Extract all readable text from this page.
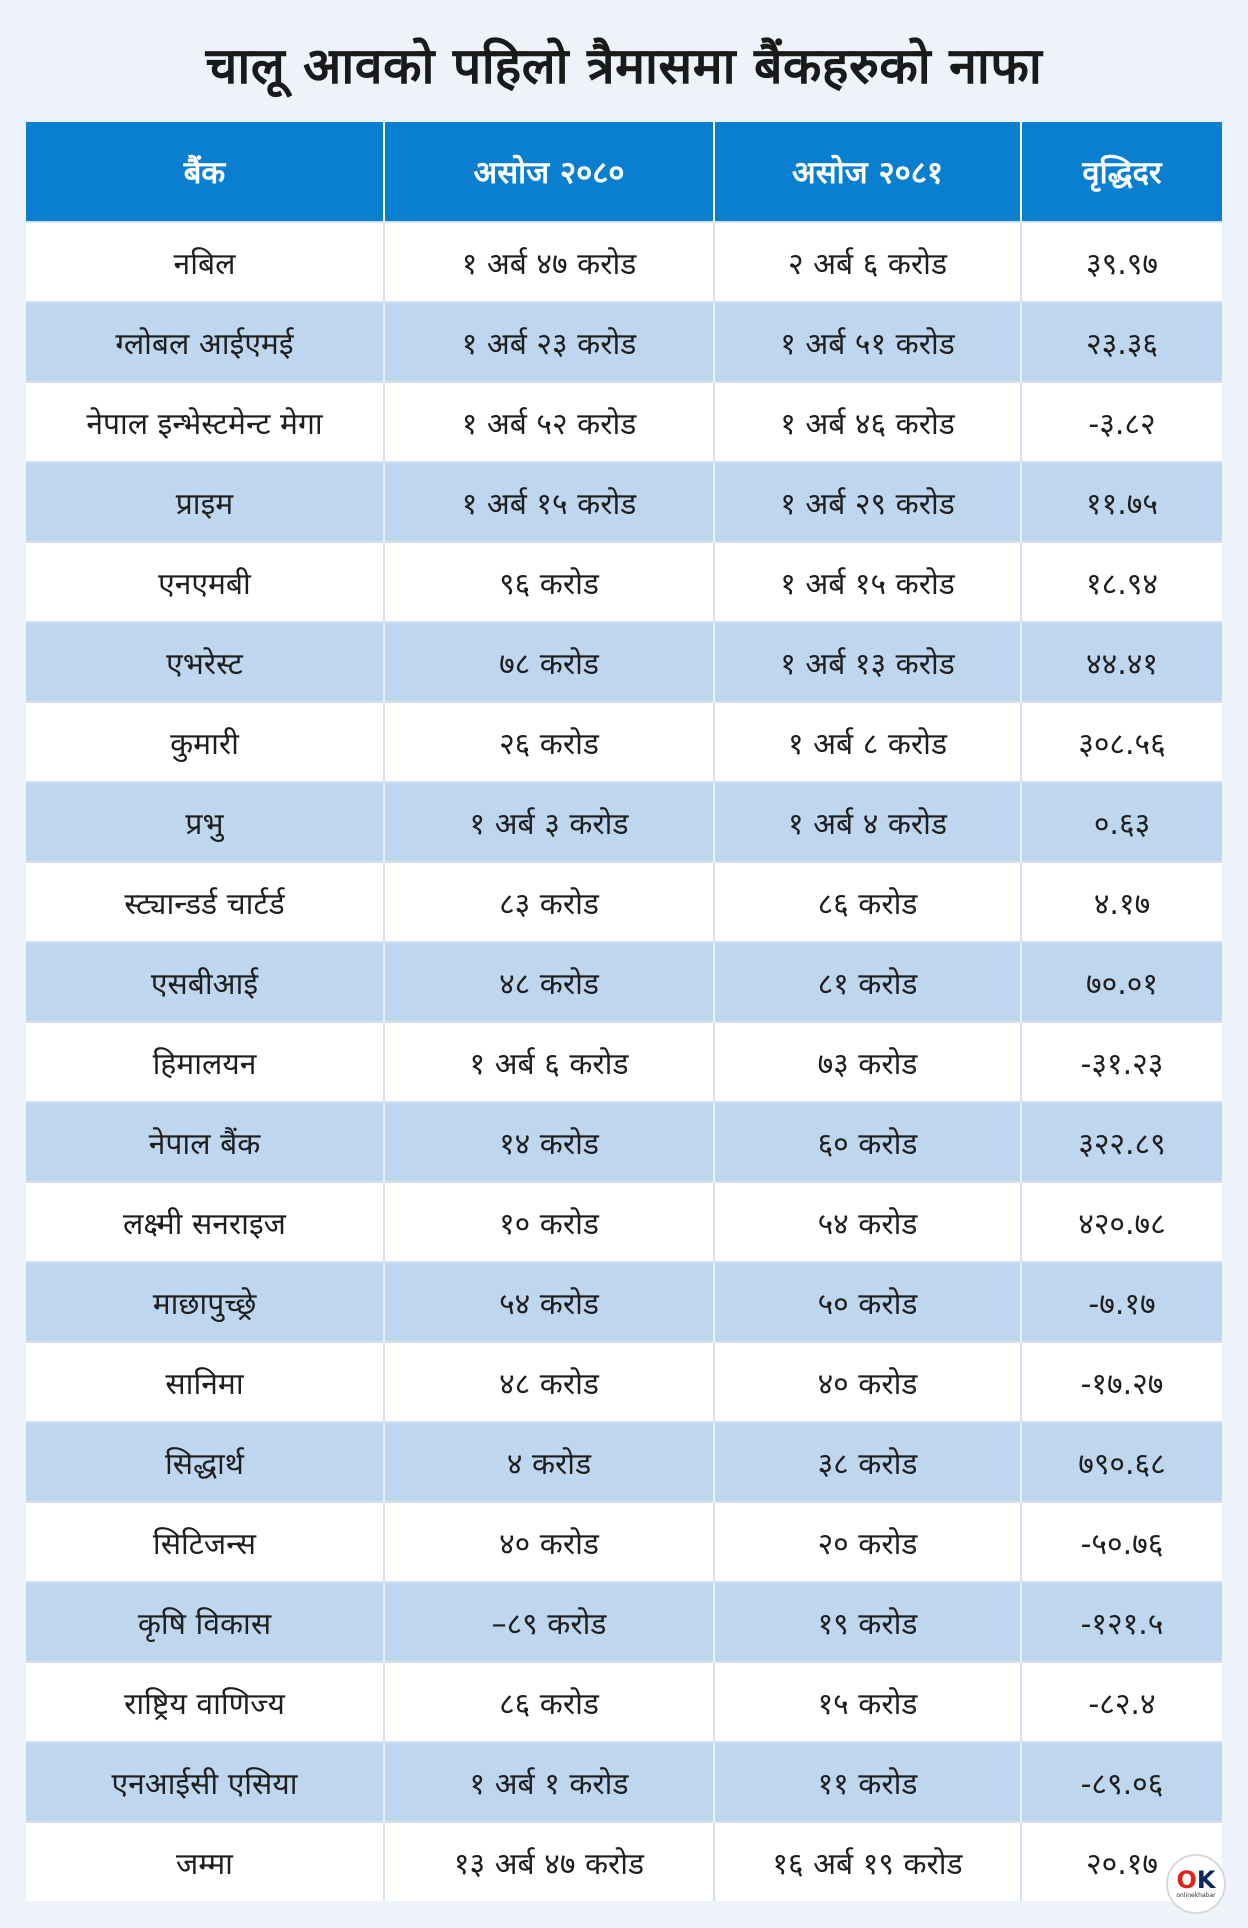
चालू आवको पहिलो त्रैमासमा बैंकहरुको नाफा
बैंक	असोज २०८०	असोज २०८१	वृद्धिदर
नबिल	१ अर्ब ४७ करोड	२ अर्ब ६ करोड	३९.९७
ग्लोबल आईएमई	१ अर्ब २३ करोड	१ अर्ब ५१ करोड	२३.३६
नेपाल इन्भेस्टमेन्ट मेगा	१ अर्ब ५२ करोड	१ अर्ब ४६ करोड	-३.८२
प्राइम	१ अर्ब १५ करोड	१ अर्ब २९ करोड	११.७५
एनएमबी	९६ करोड	१ अर्ब १५ करोड	१८.९४
एभरेस्ट	७८ करोड	१ अर्ब १३ करोड	४४.४१
कुमारी	२६ करोड	१ अर्ब ८ करोड	३०८.५६
प्रभु	१ अर्ब ३ करोड	१ अर्ब ४ करोड	०.६३
स्ट्यान्डर्ड चार्टर्ड	८३ करोड	८६ करोड	४.१७
एसबीआई	४८ करोड	८१ करोड	७०.०१
हिमालयन	१ अर्ब ६ करोड	७३ करोड	-३१.२३
नेपाल बैंक	१४ करोड	६० करोड	३२२.८९
लक्ष्मी सनराइज	१० करोड	५४ करोड	४२०.७८
माछापुच्छ्रे	५४ करोड	५० करोड	-७.१७
सानिमा	४८ करोड	४० करोड	-१७.२७
सिद्धार्थ	४ करोड	३८ करोड	७९०.६८
सिटिजन्स	४० करोड	२० करोड	-५०.७६
कृषि विकास	–८९ करोड	१९ करोड	-१२१.५
राष्ट्रिय वाणिज्य	८६ करोड	१५ करोड	-८२.४
एनआईसी एसिया	१ अर्ब १ करोड	११ करोड	-८९.०६
जम्मा	१३ अर्ब ४७ करोड	१६ अर्ब १९ करोड	२०.१७ OK
onlinekhabar
